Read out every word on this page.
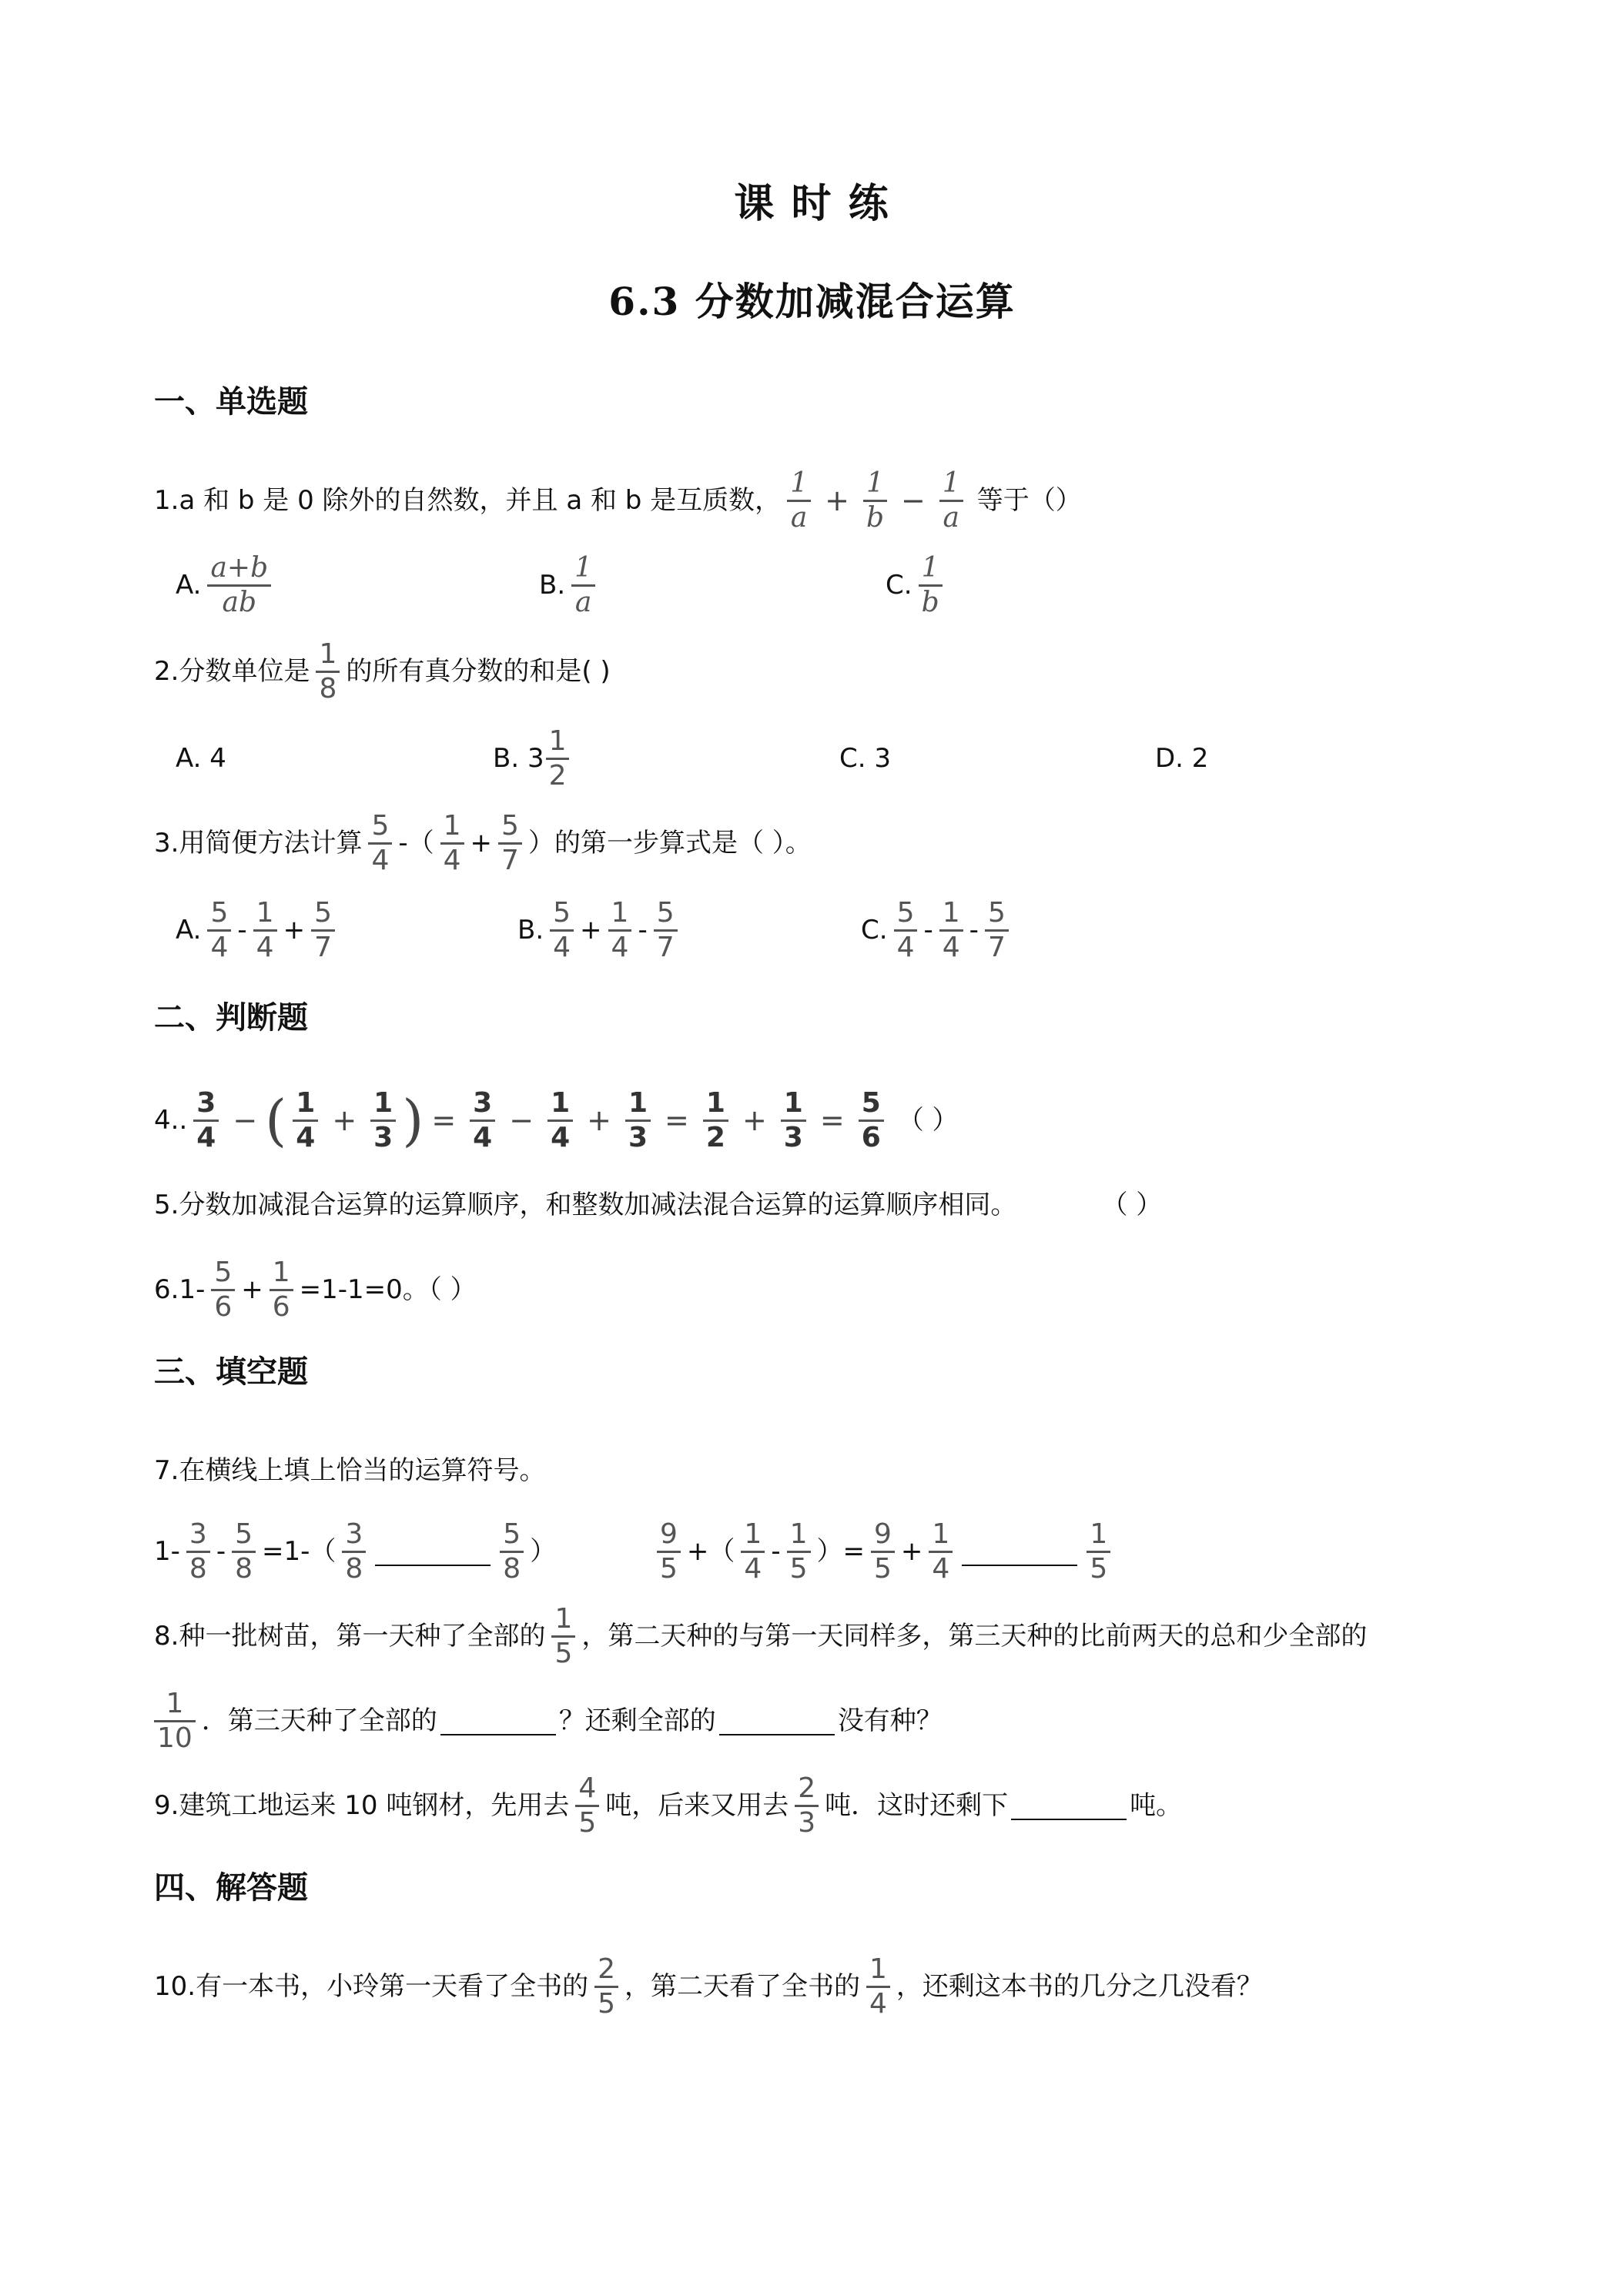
课 时 练
6.3 分数加减混合运算
一、单选题
1.a 和 b 是 0 除外的自然数，并且 a 和 b 是互质数， $\frac{1}{a} + \frac{1}{b} - \frac{1}{a}$ 等于（）
A. $\frac{a+b}{ab}$	B. $\frac{1}{a}$	C. $\frac{1}{b}$
2.分数单位是 $\frac{1}{8}$ 的所有真分数的和是( )
A. 4	B. $3 \frac{1}{2}$	C. 3	D. 2
3.用简便方法计算 $\frac{5}{4}$ -（ $\frac{1}{4} + \frac{5}{7}$ ）的第一步算式是（ ）。
A. $\frac{5}{4} - \frac{1}{4} + \frac{5}{7}$	B. $\frac{5}{4} + \frac{1}{4} - \frac{5}{7}$	C. $\frac{5}{4} - \frac{1}{4} - \frac{5}{7}$
二、判断题
4.. $\frac{3}{4}$ − ( $\frac{1}{4} + \frac{1}{3}$ ) = $\frac{3}{4} - \frac{1}{4} + \frac{1}{3} = \frac{1}{2} + \frac{1}{3} = \frac{5}{6}$ （ ）
5.分数加减混合运算的运算顺序，和整数加减法混合运算的运算顺序相同。	（ ）
$6.1- \frac{5}{6} + \frac{1}{6} =1-1=0$。（ ）
三、填空题
7.在横线上填上恰当的运算符号。
$1- \frac{3}{8} - \frac{5}{8} =1-( \frac{3}{8}$	$\frac{5}{8}$ ）	$\frac{9}{5}$ +（ $\frac{1}{4} - \frac{1}{5}$ ）= $\frac{9}{5} + \frac{1}{4}$	$\frac{1}{5}$
8.种一批树苗，第一天种了全部的 $\frac{1}{5}$ ，第二天种的与第一天同样多，第三天种的比前两天的总和少全部的
$\frac{1}{10}$ ．第三天种了全部的	？还剩全部的	没有种？
9.建筑工地运来 10 吨钢材，先用去 $\frac{4}{5}$ 吨，后来又用去 $\frac{2}{3}$ 吨．这时还剩下	吨。
四、解答题
10.有一本书，小玲第一天看了全书的 $\frac{2}{5}$ ，第二天看了全书的 $\frac{1}{4}$ ，还剩这本书的几分之几没看？
